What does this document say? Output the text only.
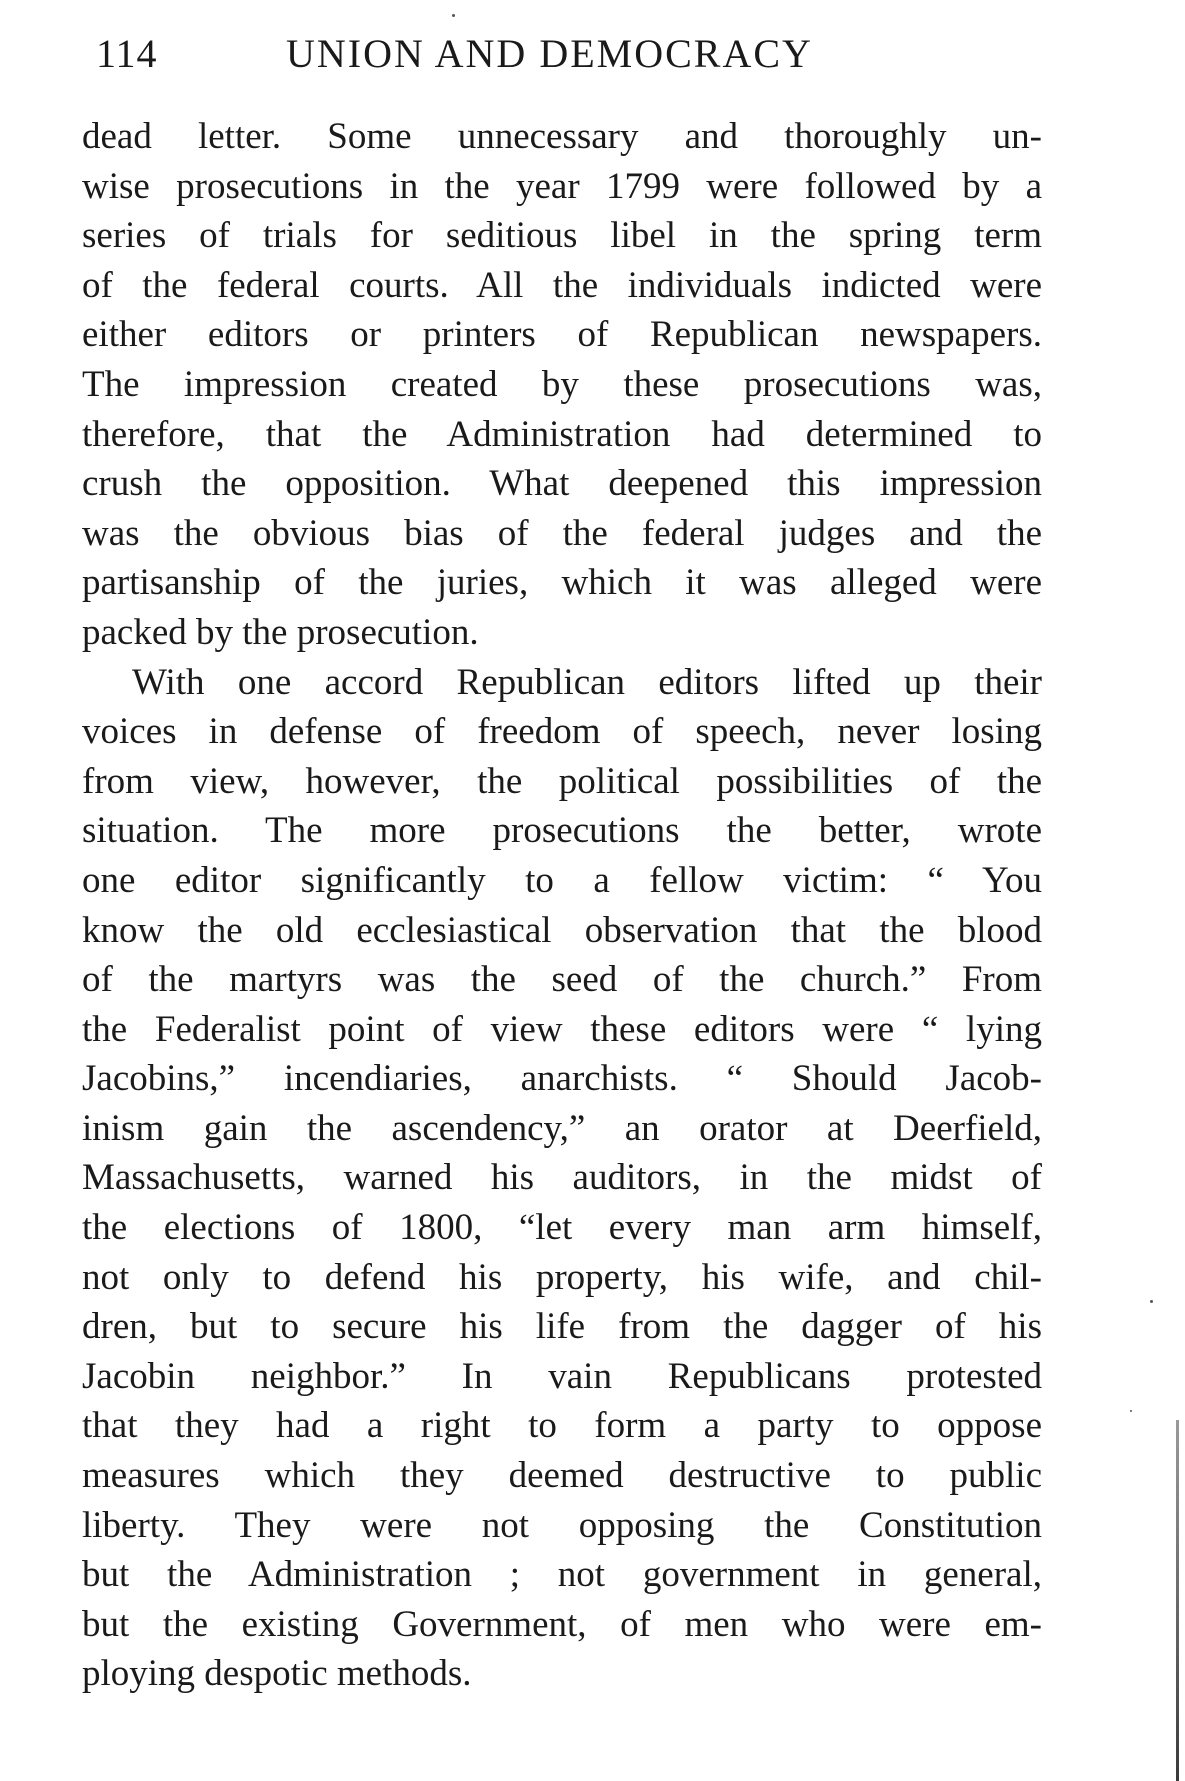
114	UNION AND DEMOCRACY
dead letter. Some unnecessary and thoroughly un-
wise prosecutions in the year 1799 were followed by a
series of trials for seditious libel in the spring term
of the federal courts. All the individuals indicted were
either editors or printers of Republican newspapers.
The impression created by these prosecutions was,
therefore, that the Administration had determined to
crush the opposition. What deepened this impression
was the obvious bias of the federal judges and the
partisanship of the juries, which it was alleged were
packed by the prosecution.
With one accord Republican editors lifted up their
voices in defense of freedom of speech, never losing
from view, however, the political possibilities of the
situation. The more prosecutions the better, wrote
one editor significantly to a fellow victim: “ You
know the old ecclesiastical observation that the blood
of the martyrs was the seed of the church.” From
the Federalist point of view these editors were “ lying
Jacobins,” incendiaries, anarchists. “ Should Jacob-
inism gain the ascendency,” an orator at Deerfield,
Massachusetts, warned his auditors, in the midst of
the elections of 1800, “let every man arm himself,
not only to defend his property, his wife, and chil-
dren, but to secure his life from the dagger of his
Jacobin neighbor.” In vain Republicans protested
that they had a right to form a party to oppose
measures which they deemed destructive to public
liberty. They were not opposing the Constitution
but the Administration ; not government in general,
but the existing Government, of men who were em-
ploying despotic methods.
